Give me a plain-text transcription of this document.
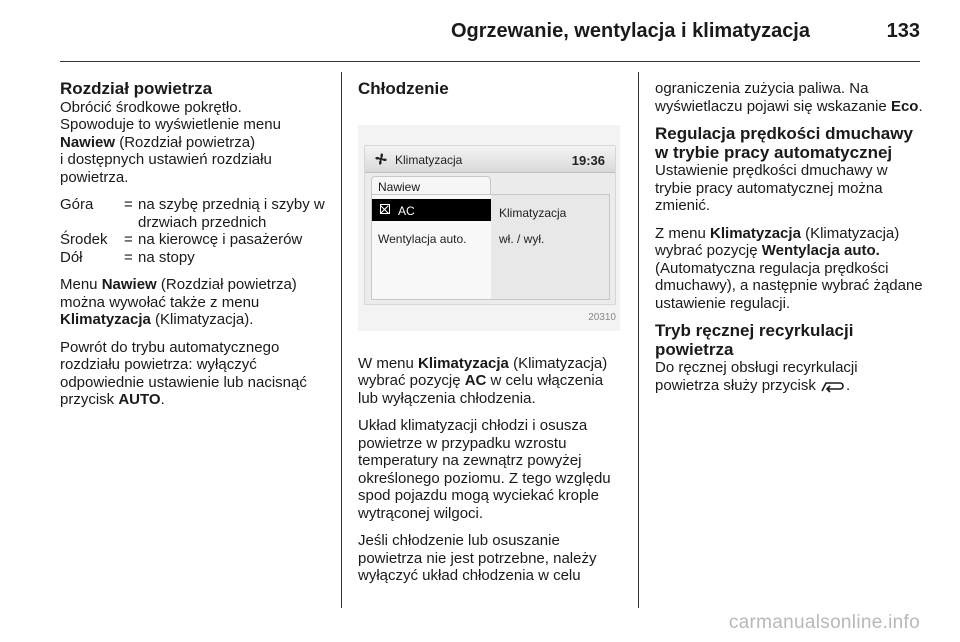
Ogrzewanie, wentylacja i klimatyzacja	133
Rozdział powietrza

Obrócić środkowe pokrętło.
Spowoduje to wyświetlenie menu
Nawiew (Rozdział powietrza)
i dostępnych ustawień rozdziału
powietrza.

Góra	=	na szybę przednią i szyby w drzwiach przednich
Środek	=	na kierowcę i pasażerów
Dół	=	na stopy

Menu Nawiew (Rozdział powietrza) można wywołać także z menu Klimatyzacja (Klimatyzacja).

Powrót do trybu automatycznego rozdziału powietrza: wyłączyć odpowiednie ustawienie lub nacisnąć przycisk AUTO.

Chłodzenie
Klimatyzacja	19:36
Nawiew
AC
Wentylacja auto.
Klimatyzacja
wł. / wył.
20310

W menu Klimatyzacja (Klimatyzacja) wybrać pozycję AC w celu włączenia lub wyłączenia chłodzenia.

Układ klimatyzacji chłodzi i osusza powietrze w przypadku wzrostu temperatury na zewnątrz powyżej określonego poziomu. Z tego względu spod pojazdu mogą wyciekać krople wytrąconej wilgoci.

Jeśli chłodzenie lub osuszanie powietrza nie jest potrzebne, należy wyłączyć układ chłodzenia w celu

ograniczenia zużycia paliwa. Na wyświetlaczu pojawi się wskazanie Eco.

Regulacja prędkości dmuchawy w trybie pracy automatycznej

Ustawienie prędkości dmuchawy w trybie pracy automatycznej można zmienić.

Z menu Klimatyzacja (Klimatyzacja) wybrać pozycję Wentylacja auto. (Automatyczna regulacja prędkości dmuchawy), a następnie wybrać żądane ustawienie regulacji.

Tryb ręcznej recyrkulacji powietrza

Do ręcznej obsługi recyrkulacji powietrza służy przycisk .

carmanualsonline.info
